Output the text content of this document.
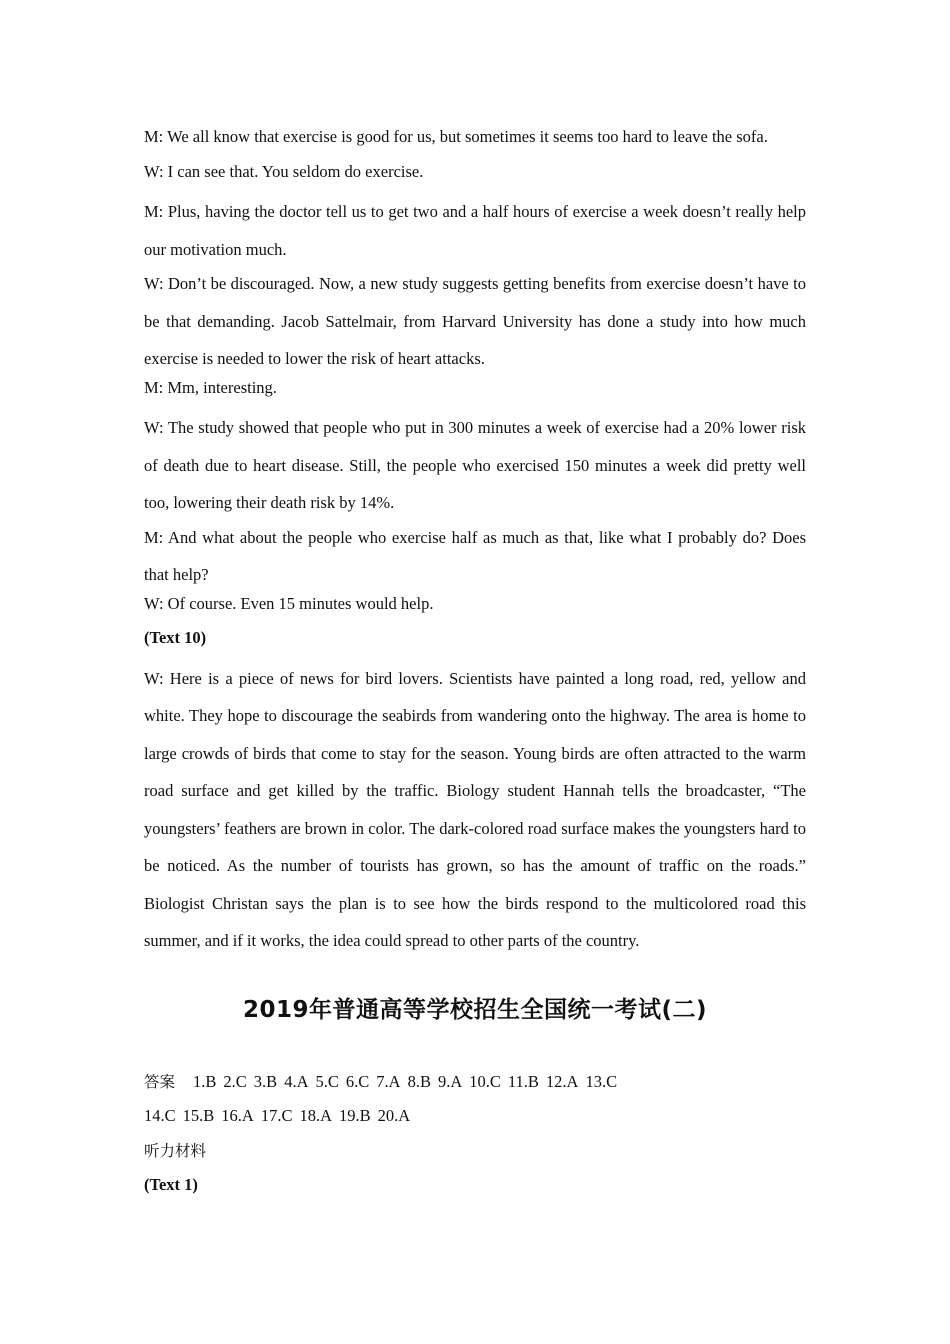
M: We all know that exercise is good for us, but sometimes it seems too hard to leave the sofa.

W: I can see that. You seldom do exercise.

M: Plus, having the doctor tell us to get two and a half hours of exercise a week doesn’t really help our motivation much.

W: Don’t be discouraged. Now, a new study suggests getting benefits from exercise doesn’t have to be that demanding. Jacob Sattelmair, from Harvard University has done a study into how much exercise is needed to lower the risk of heart attacks.

M: Mm, interesting.

W: The study showed that people who put in 300 minutes a week of exercise had a 20% lower risk of death due to heart disease. Still, the people who exercised 150 minutes a week did pretty well too, lowering their death risk by 14%.

M: And what about the people who exercise half as much as that, like what I probably do? Does that help?

W: Of course. Even 15 minutes would help.

(Text 10)

W: Here is a piece of news for bird lovers. Scientists have painted a long road, red, yellow and white. They hope to discourage the seabirds from wandering onto the highway. The area is home to large crowds of birds that come to stay for the season. Young birds are often attracted to the warm road surface and get killed by the traffic. Biology student Hannah tells the broadcaster, “The youngsters’ feathers are brown in color. The dark-colored road surface makes the youngsters hard to be noticed. As the number of tourists has grown, so has the amount of traffic on the roads.” Biologist Christan says the plan is to see how the birds respond to the multicolored road this summer, and if it works, the idea could spread to other parts of the country.

2019年普通高等学校招生全国统一考试(二)
答案 1.B 2.C 3.B 4.A 5.C 6.C 7.A 8.B 9.A 10.C 11.B 12.A 13.C
14.C 15.B 16.A 17.C 18.A 19.B 20.A

听力材料

(Text 1)
